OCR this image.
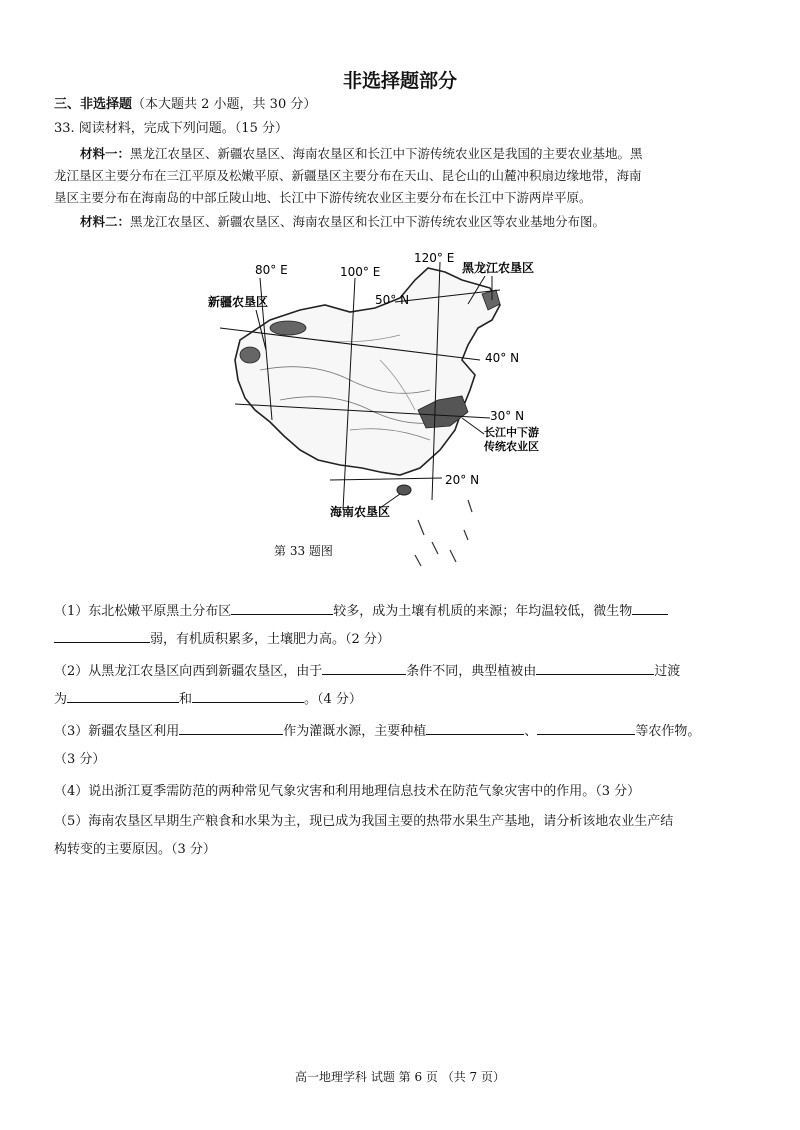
非选择题部分
三、非选择题（本大题共 2 小题，共 30 分）
33. 阅读材料，完成下列问题。（15 分）
材料一：黑龙江农垦区、新疆农垦区、海南农垦区和长江中下游传统农业区是我国的主要农业基地。黑
龙江垦区主要分布在三江平原及松嫩平原、新疆垦区主要分布在天山、昆仑山的山麓冲积扇边缘地带，海南
垦区主要分布在海南岛的中部丘陵山地、长江中下游传统农业区主要分布在长江中下游两岸平原。
材料二：黑龙江农垦区、新疆农垦区、海南农垦区和长江中下游传统农业区等农业基地分布图。
80° E	100° E
120° E
50° N
40° N
30° N
20° N
新疆农垦区
黑龙江农垦区
长江中下游
传统农业区
海南农垦区
第 33 题图
（1）东北松嫩平原黑土分布区	较多，成为土壤有机质的来源；年均温较低，微生物
弱，有机质积累多，土壤肥力高。（2 分）
（2）从黑龙江农垦区向西到新疆农垦区，由于	条件不同，典型植被由	过渡
为	和	。（4 分）
（3）新疆农垦区利用	作为灌溉水源，主要种植	、	等农作物。
（3 分）
（4）说出浙江夏季需防范的两种常见气象灾害和利用地理信息技术在防范气象灾害中的作用。（3 分）
（5）海南农垦区早期生产粮食和水果为主，现已成为我国主要的热带水果生产基地，请分析该地农业生产结
构转变的主要原因。（3 分）
高一地理学科 试题 第 6 页 （共 7 页）
